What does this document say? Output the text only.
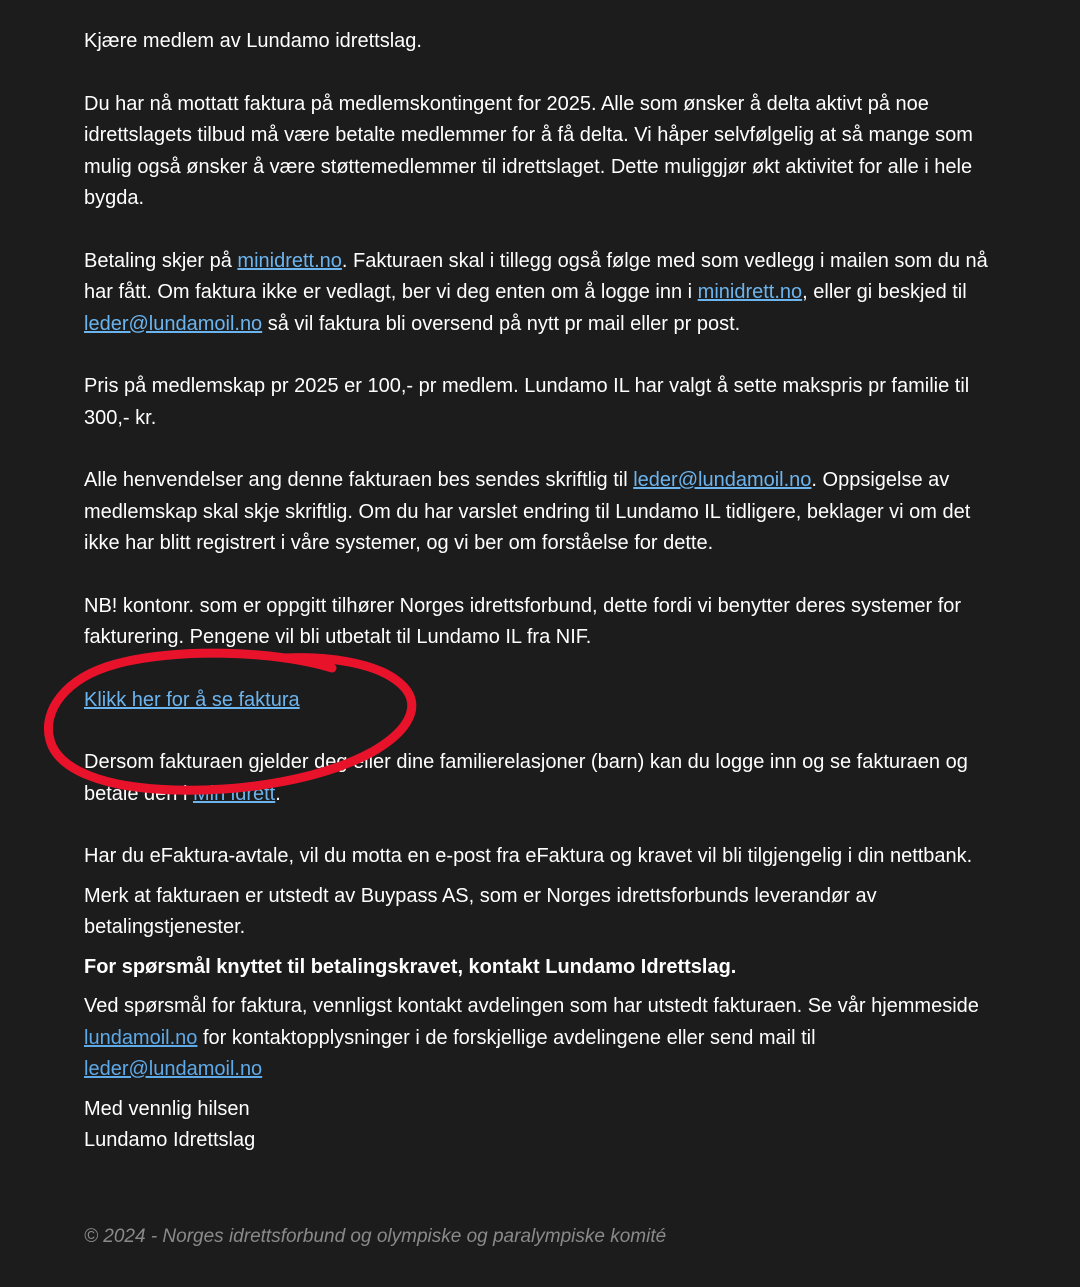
Kjære medlem av Lundamo idrettslag.

Du har nå mottatt faktura på medlemskontingent for 2025. Alle som ønsker å delta aktivt på noe idrettslagets tilbud må være betalte medlemmer for å få delta. Vi håper selvfølgelig at så mange som mulig også ønsker å være støttemedlemmer til idrettslaget. Dette muliggjør økt aktivitet for alle i hele bygda.

Betaling skjer på minidrett.no. Fakturaen skal i tillegg også følge med som vedlegg i mailen som du nå har fått. Om faktura ikke er vedlagt, ber vi deg enten om å logge inn i minidrett.no, eller gi beskjed til leder@lundamoil.no så vil faktura bli oversend på nytt pr mail eller pr post.

Pris på medlemskap pr 2025 er 100,- pr medlem. Lundamo IL har valgt å sette makspris pr familie til 300,- kr.

Alle henvendelser ang denne fakturaen bes sendes skriftlig til leder@lundamoil.no. Oppsigelse av medlemskap skal skje skriftlig. Om du har varslet endring til Lundamo IL tidligere, beklager vi om det ikke har blitt registrert i våre systemer, og vi ber om forståelse for dette.

NB! kontonr. som er oppgitt tilhører Norges idrettsforbund, dette fordi vi benytter deres systemer for fakturering. Pengene vil bli utbetalt til Lundamo IL fra NIF.

Klikk her for å se faktura

Dersom fakturaen gjelder deg eller dine familierelasjoner (barn) kan du logge inn og se fakturaen og betale den i Min idrett.

Har du eFaktura-avtale, vil du motta en e-post fra eFaktura og kravet vil bli tilgjengelig i din nettbank.

Merk at fakturaen er utstedt av Buypass AS, som er Norges idrettsforbunds leverandør av betalingstjenester.

For spørsmål knyttet til betalingskravet, kontakt Lundamo Idrettslag.

Ved spørsmål for faktura, vennligst kontakt avdelingen som har utstedt fakturaen. Se vår hjemmeside lundamoil.no for kontaktopplysninger i de forskjellige avdelingene eller send mail til leder@lundamoil.no

Med vennlig hilsen

Lundamo Idrettslag

© 2024 - Norges idrettsforbund og olympiske og paralympiske komité
